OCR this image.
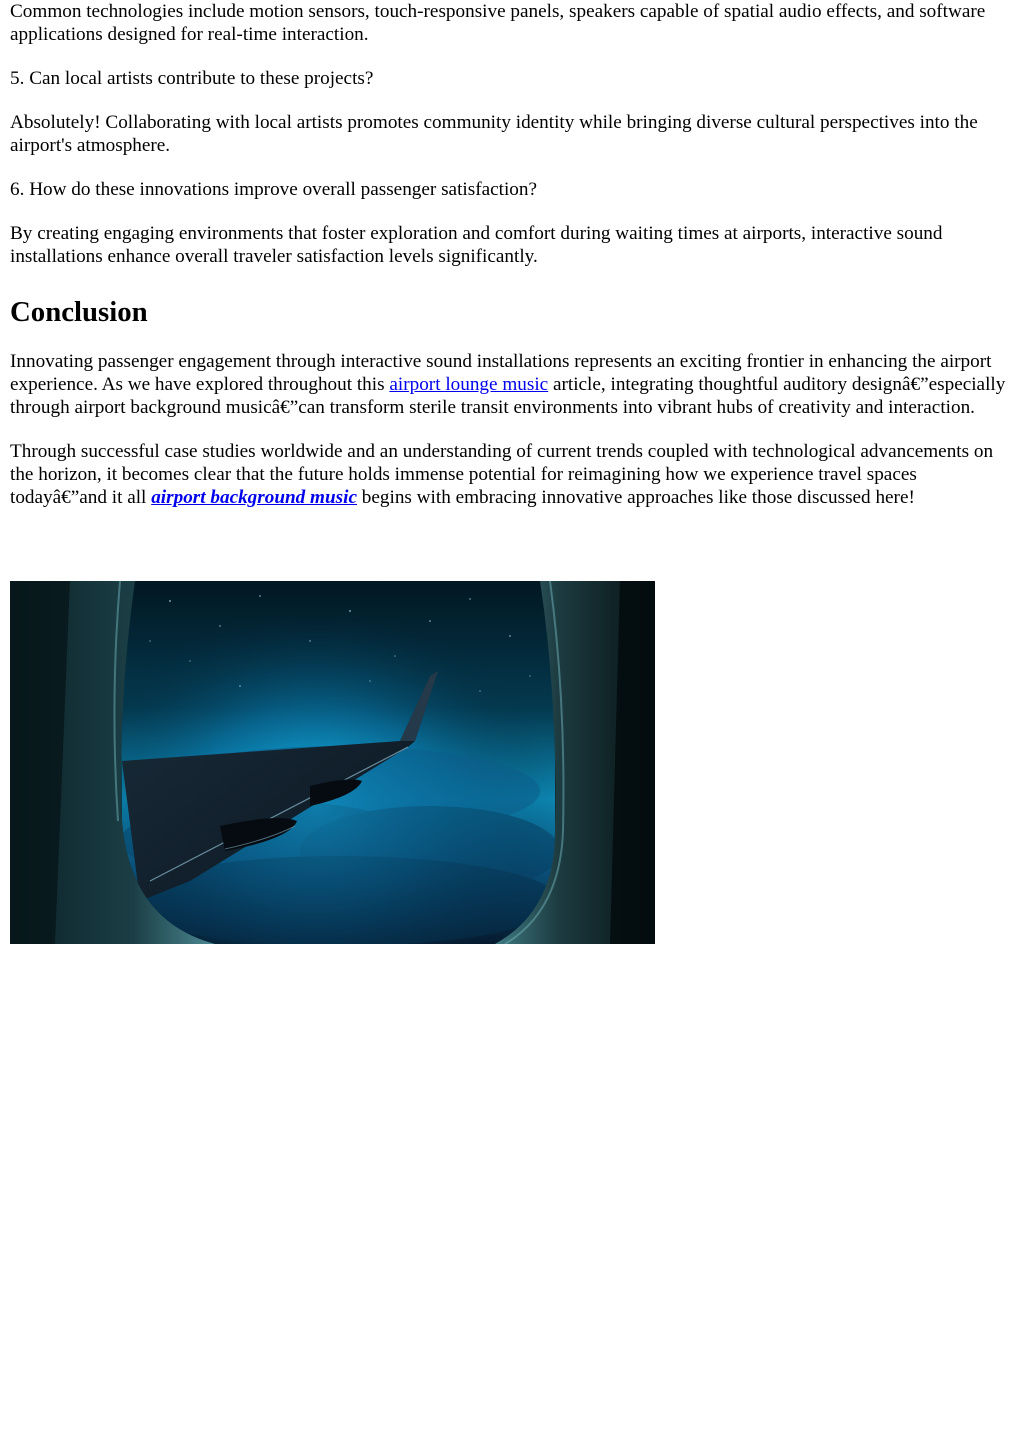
Common technologies include motion sensors, touch-responsive panels, speakers capable of spatial audio effects, and software applications designed for real-time interaction.

5. Can local artists contribute to these projects?

Absolutely! Collaborating with local artists promotes community identity while bringing diverse cultural perspectives into the airport's atmosphere.

6. How do these innovations improve overall passenger satisfaction?

By creating engaging environments that foster exploration and comfort during waiting times at airports, interactive sound installations enhance overall traveler satisfaction levels significantly.

Conclusion

Innovating passenger engagement through interactive sound installations represents an exciting frontier in enhancing the airport experience. As we have explored throughout this airport lounge music article, integrating thoughtful auditory designâ€”especially through airport background musicâ€”can transform sterile transit environments into vibrant hubs of creativity and interaction.

Through successful case studies worldwide and an understanding of current trends coupled with technological advancements on the horizon, it becomes clear that the future holds immense potential for reimagining how we experience travel spaces todayâ€”and it all airport background music begins with embracing innovative approaches like those discussed here!
